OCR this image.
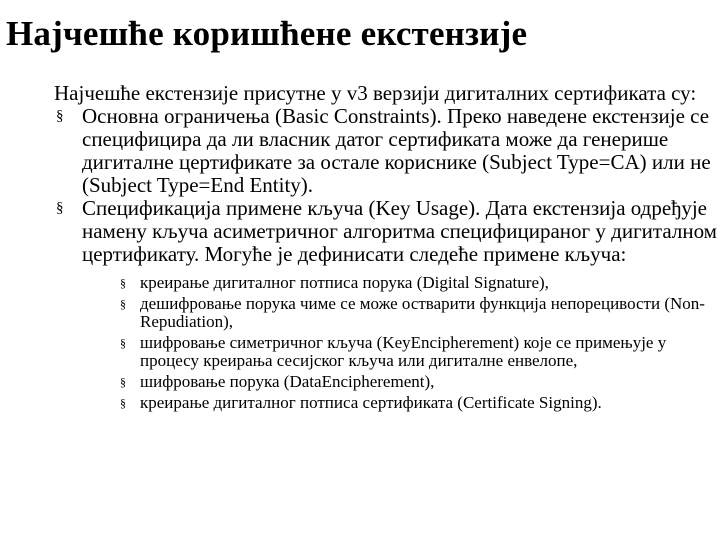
Најчешће коришћене екстензије

Најчешће екстензије присутне у v3 верзији дигиталних сертификата су:

§ Основна ограничења (Basic Constraints). Преко наведене екстензије се специфицира да ли власник датог сертификата може да генерише дигиталне цертификате за остале кориснике (Subject Type=CA) или не (Subject Type=End Entity).
§ Спецификација примене кључа (Key Usage). Дата екстензија одређује намену кључа асиметричног алгоритма специфицираног у дигиталном цертификату. Могуће је дефинисати следеће примене кључа:
§ креирање дигиталног потписа порука (Digital Signature),
§ дешифровање порука чиме се може остварити функција непорецивости (Non-Repudiation),
§ шифровање симетричног кључа (KeyEncipherement) које се примењује у процесу креирања сесијског кључа или дигиталне енвелопе,
§ шифровање порука (DataEncipherement),
§ креирање дигиталног потписа сертификата (Certificate Signing).
